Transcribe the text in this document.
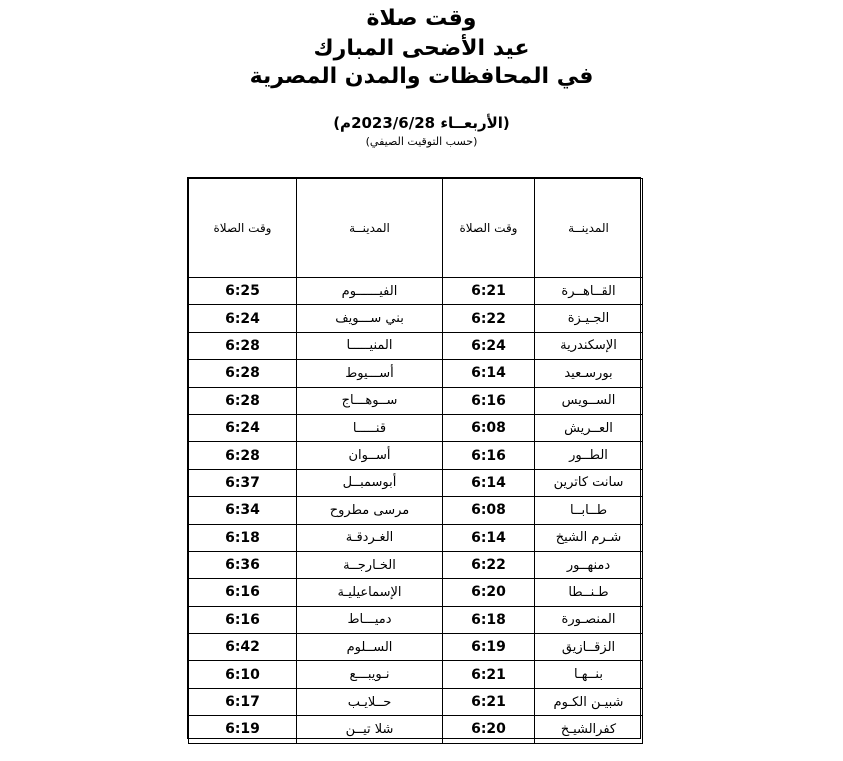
وقت صلاة
عيد الأضحى المبارك
في المحافظات والمدن المصرية
(الأربعــاء 2023/6/28م)
(حسب التوقيت الصيفي)
المدينــة	وقت الصلاة	المدينــة	وقت الصلاة
القــاهــرة	6:21	الفيــــــوم	6:25
الجـيـزة	6:22	بني ســـويف	6:24
الإسكندرية	6:24	المنيـــــا	6:28
بورسـعيد	6:14	أســـيوط	6:28
الســويس	6:16	ســوهـــاج	6:28
العــريش	6:08	قنـــــا	6:24
الطــور	6:16	أســوان	6:28
سانت كاترين	6:14	أبوسمبــل	6:37
طــابــا	6:08	مرسى مطروح	6:34
شـرم الشيخ	6:14	الغـردقـة	6:18
دمنهــور	6:22	الخـارجــة	6:36
طـنــطا	6:20	الإسماعيليـة	6:16
المنصـورة	6:18	دميـــاط	6:16
الزقــازيق	6:19	الســلوم	6:42
بنــهـا	6:21	نـويبـــع	6:10
شبيـن الكـوم	6:21	حــلايـب	6:17
كفرالشيـخ	6:20	شلا تيــن	6:19
